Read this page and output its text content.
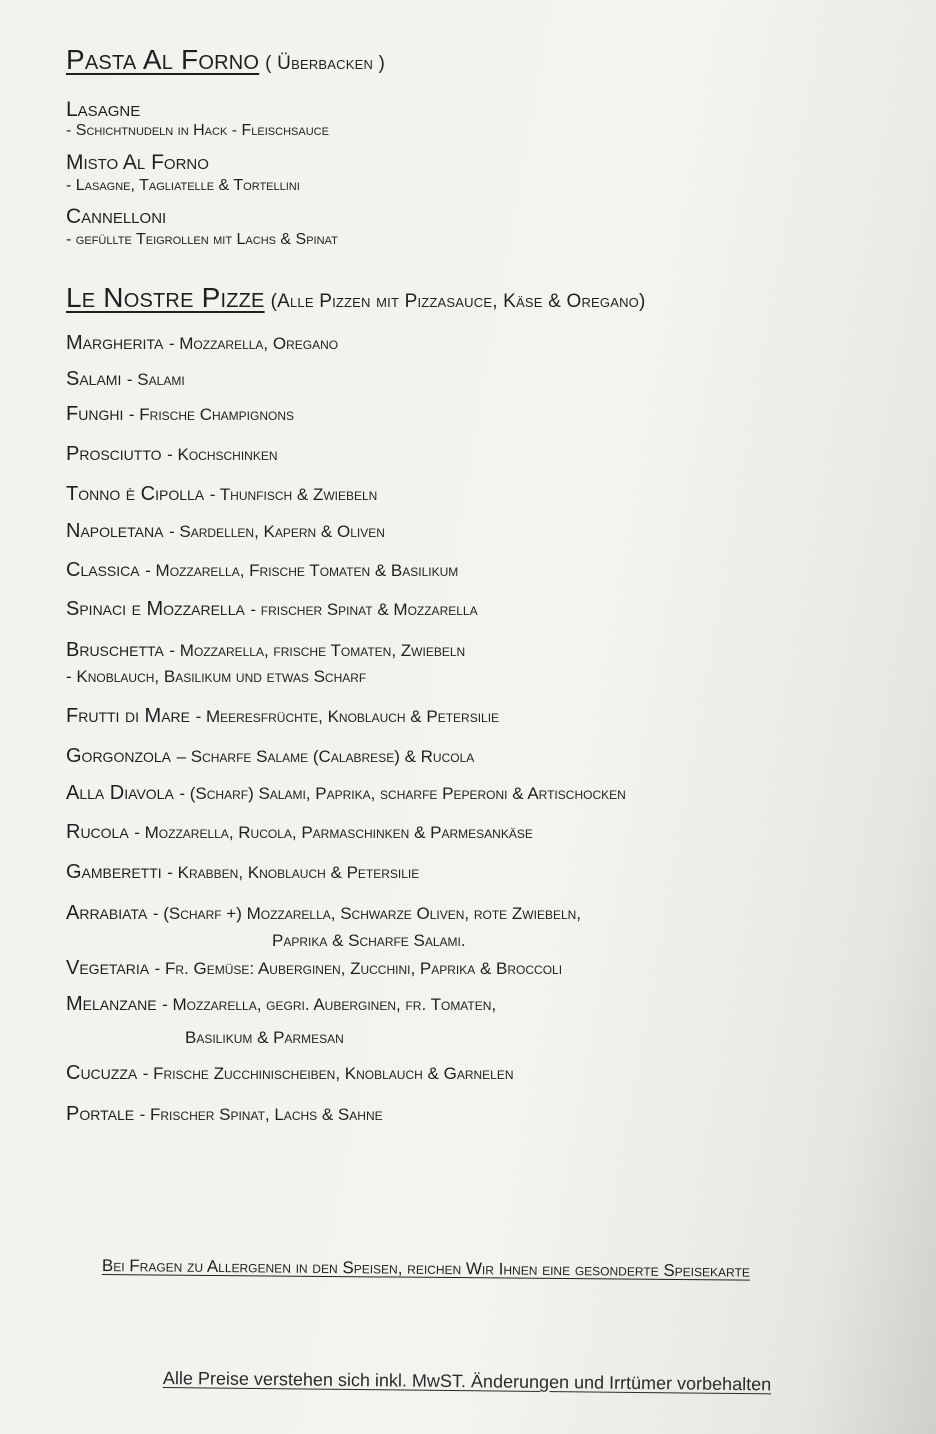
Pasta Al Forno ( Überbacken )
Lasagne
- Schichtnudeln in Hack - Fleischsauce
Misto Al Forno
- Lasagne, Tagliatelle & Tortellini
Cannelloni
- gefüllte Teigrollen mit Lachs & Spinat
Le Nostre Pizze (Alle Pizzen mit Pizzasauce, Käse & Oregano)
Margherita - Mozzarella, Oregano
Salami - Salami
Funghi - Frische Champignons
Prosciutto - Kochschinken
Tonno è Cipolla - Thunfisch & Zwiebeln
Napoletana - Sardellen, Kapern & Oliven
Classica - Mozzarella, Frische Tomaten & Basilikum
Spinaci e Mozzarella - frischer Spinat & Mozzarella
Bruschetta - Mozzarella, frische Tomaten, Zwiebeln
- Knoblauch, Basilikum und etwas Scharf
Frutti di Mare - Meeresfrüchte, Knoblauch & Petersilie
Gorgonzola – Scharfe Salame (Calabrese) & Rucola
Alla Diavola - (Scharf) Salami, Paprika, scharfe Peperoni & Artischocken
Rucola - Mozzarella, Rucola, Parmaschinken & Parmesankäse
Gamberetti - Krabben, Knoblauch & Petersilie
Arrabiata - (Scharf +) Mozzarella, Schwarze Oliven, rote Zwiebeln,
Paprika & Scharfe Salami.
Vegetaria - Fr. Gemüse: Auberginen, Zucchini, Paprika & Broccoli
Melanzane - Mozzarella, gegri. Auberginen, fr. Tomaten,
Basilikum & Parmesan
Cucuzza - Frische Zucchinischeiben, Knoblauch & Garnelen
Portale - Frischer Spinat, Lachs & Sahne
Bei Fragen zu Allergenen in den Speisen, reichen Wir Ihnen eine gesonderte Speisekarte
Alle Preise verstehen sich inkl. MwST. Änderungen und Irrtümer vorbehalten
